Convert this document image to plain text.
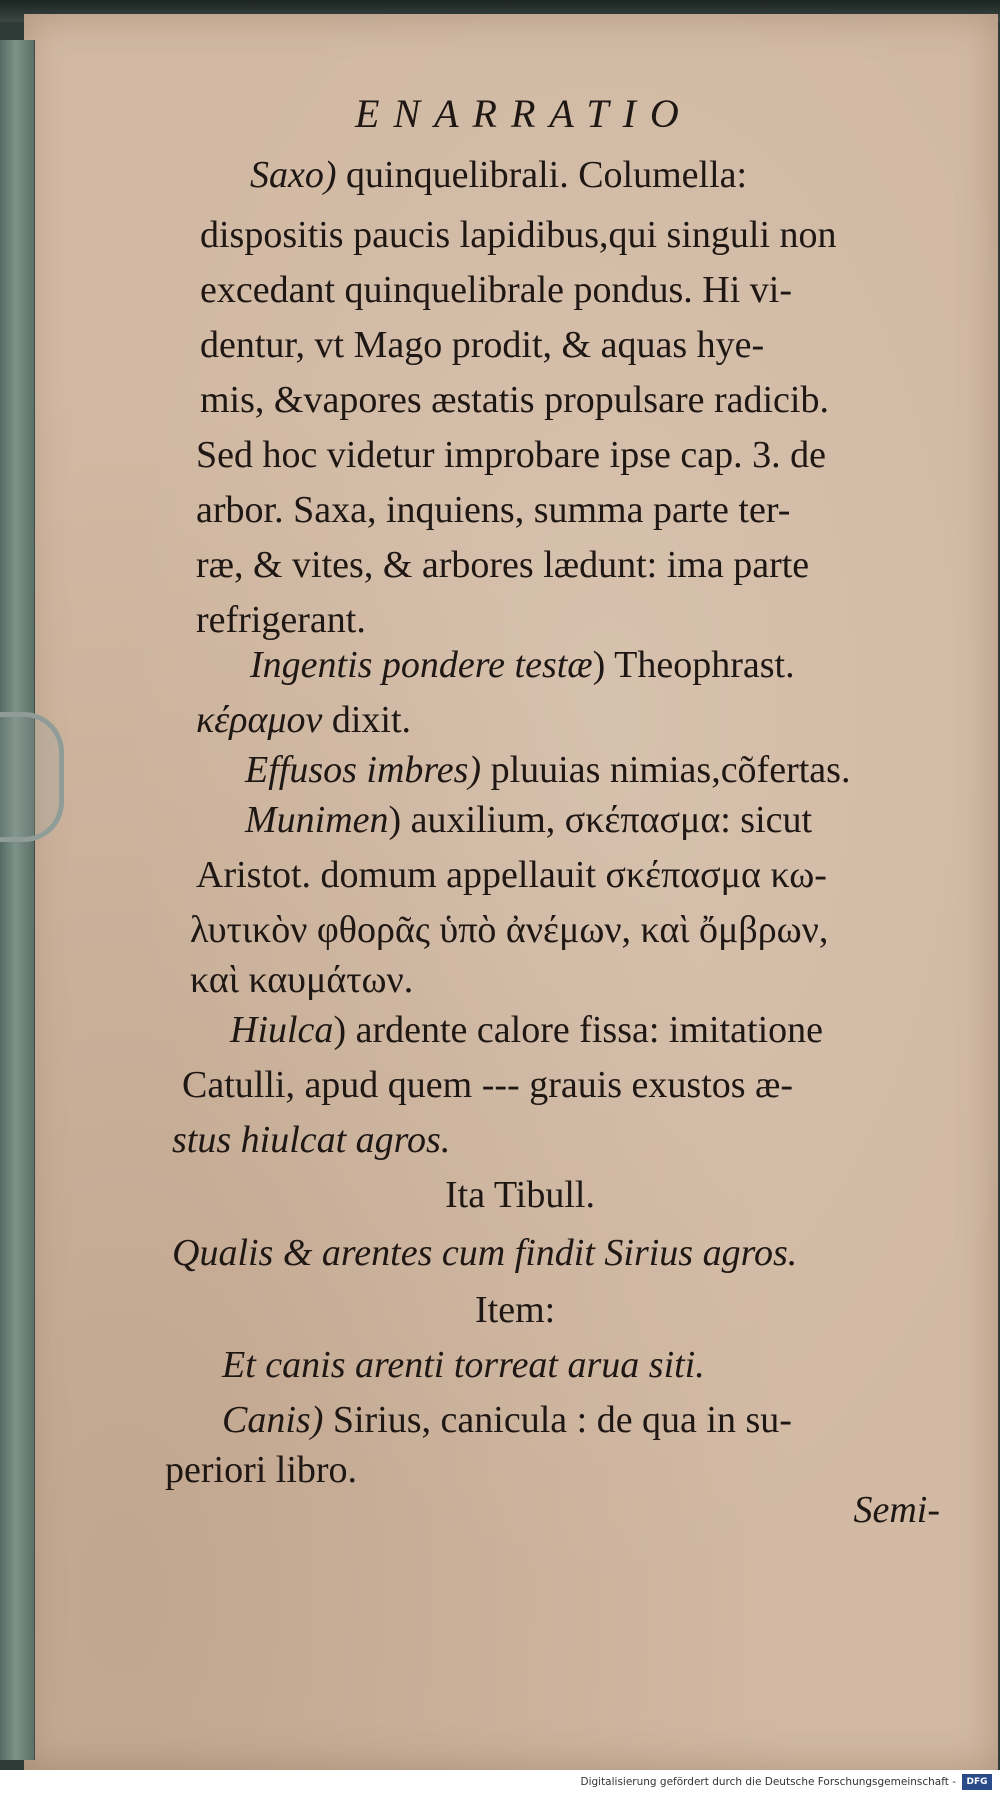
ENARRATIO
Saxo) quinquelibrali. Columella:
dispositis paucis lapidibus,qui singuli non
excedant quinquelibrale pondus. Hi vi-
dentur, vt Mago prodit, & aquas hye-
mis, &vapores æstatis propulsare radicib.
Sed hoc videtur improbare ipse cap. 3. de
arbor. Saxa, inquiens, summa parte ter-
ræ, & vites, & arbores lædunt: ima parte
refrigerant.
Ingentis pondere testæ) Theophrast.
κέραμον dixit.
Effusos imbres) pluuias nimias,cõfertas.
Munimen) auxilium, σκέπασμα: sicut
Aristot. domum appellauit σκέπασμα κω-
λυτικὸν φθορᾶς ὑπὸ ἀνέμων, καὶ ὄμβρων,
καὶ καυμάτων.
Hiulca) ardente calore fissa: imitatione
Catulli, apud quem --- grauis exustos æ-
stus hiulcat agros.
Ita Tibull.
Qualis & arentes cum findit Sirius agros.
Item:
Et canis arenti torreat arua siti.
Canis) Sirius, canicula : de qua in su-
periori libro.
Semi-
Digitalisierung gefördert durch die Deutsche Forschungsgemeinschaft -	DFG
